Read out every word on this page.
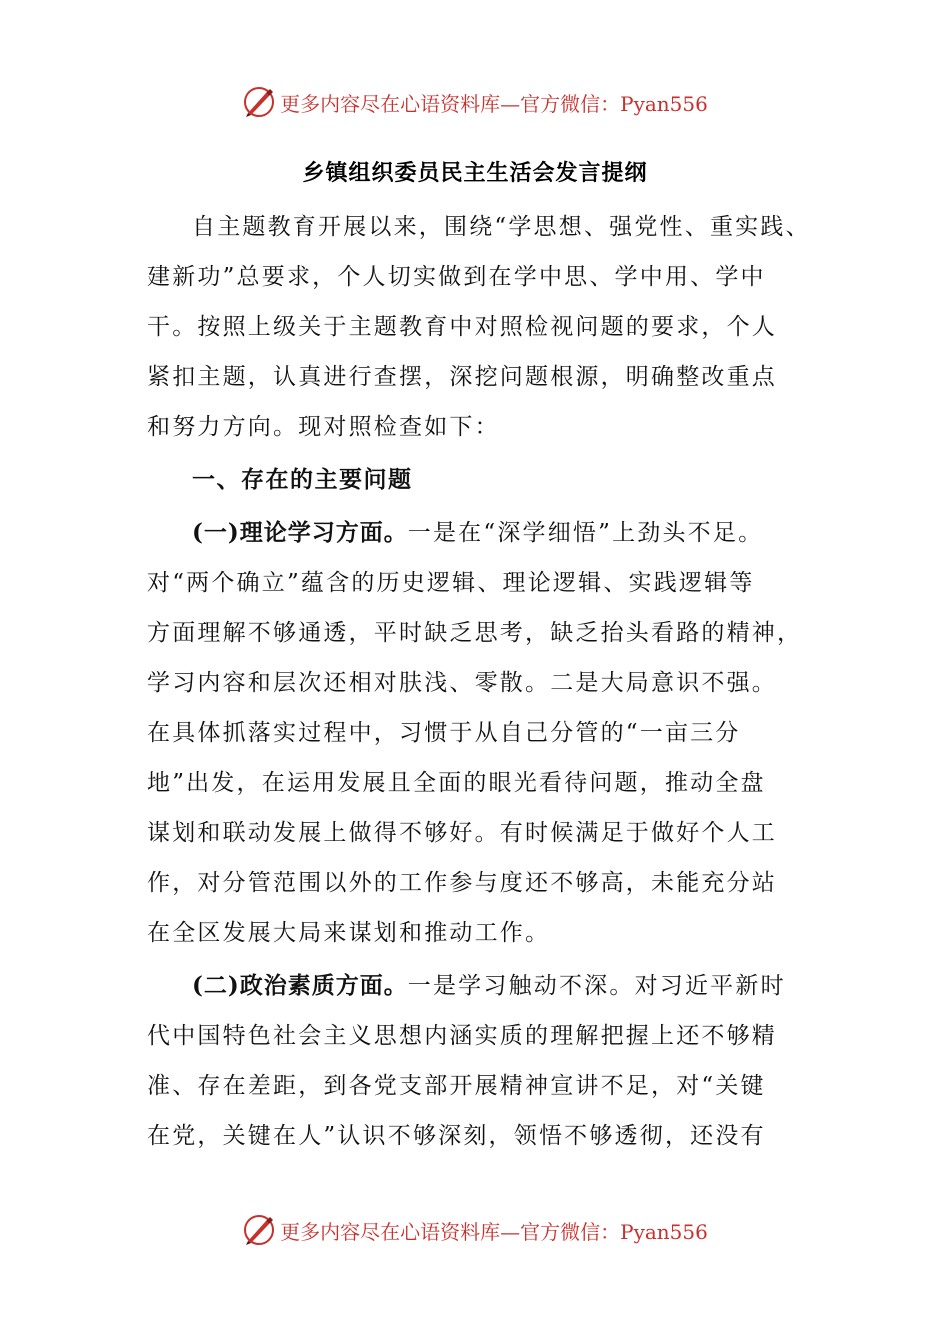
更多内容尽在心语资料库—官方微信：Pyan556
乡镇组织委员民主生活会发言提纲
自主题教育开展以来，围绕“学思想、强党性、重实践、
建新功”总要求，个人切实做到在学中思、学中用、学中
干。按照上级关于主题教育中对照检视问题的要求，个人
紧扣主题，认真进行查摆，深挖问题根源，明确整改重点
和努力方向。现对照检查如下：
一、存在的主要问题
(一)理论学习方面。一是在“深学细悟”上劲头不足。
对“两个确立”蕴含的历史逻辑、理论逻辑、实践逻辑等
方面理解不够通透，平时缺乏思考，缺乏抬头看路的精神，
学习内容和层次还相对肤浅、零散。二是大局意识不强。
在具体抓落实过程中，习惯于从自己分管的“一亩三分
地”出发，在运用发展且全面的眼光看待问题，推动全盘
谋划和联动发展上做得不够好。有时候满足于做好个人工
作，对分管范围以外的工作参与度还不够高，未能充分站
在全区发展大局来谋划和推动工作。
(二)政治素质方面。一是学习触动不深。对习近平新时
代中国特色社会主义思想内涵实质的理解把握上还不够精
准、存在差距，到各党支部开展精神宣讲不足，对“关键
在党，关键在人”认识不够深刻，领悟不够透彻，还没有
更多内容尽在心语资料库—官方微信：Pyan556
